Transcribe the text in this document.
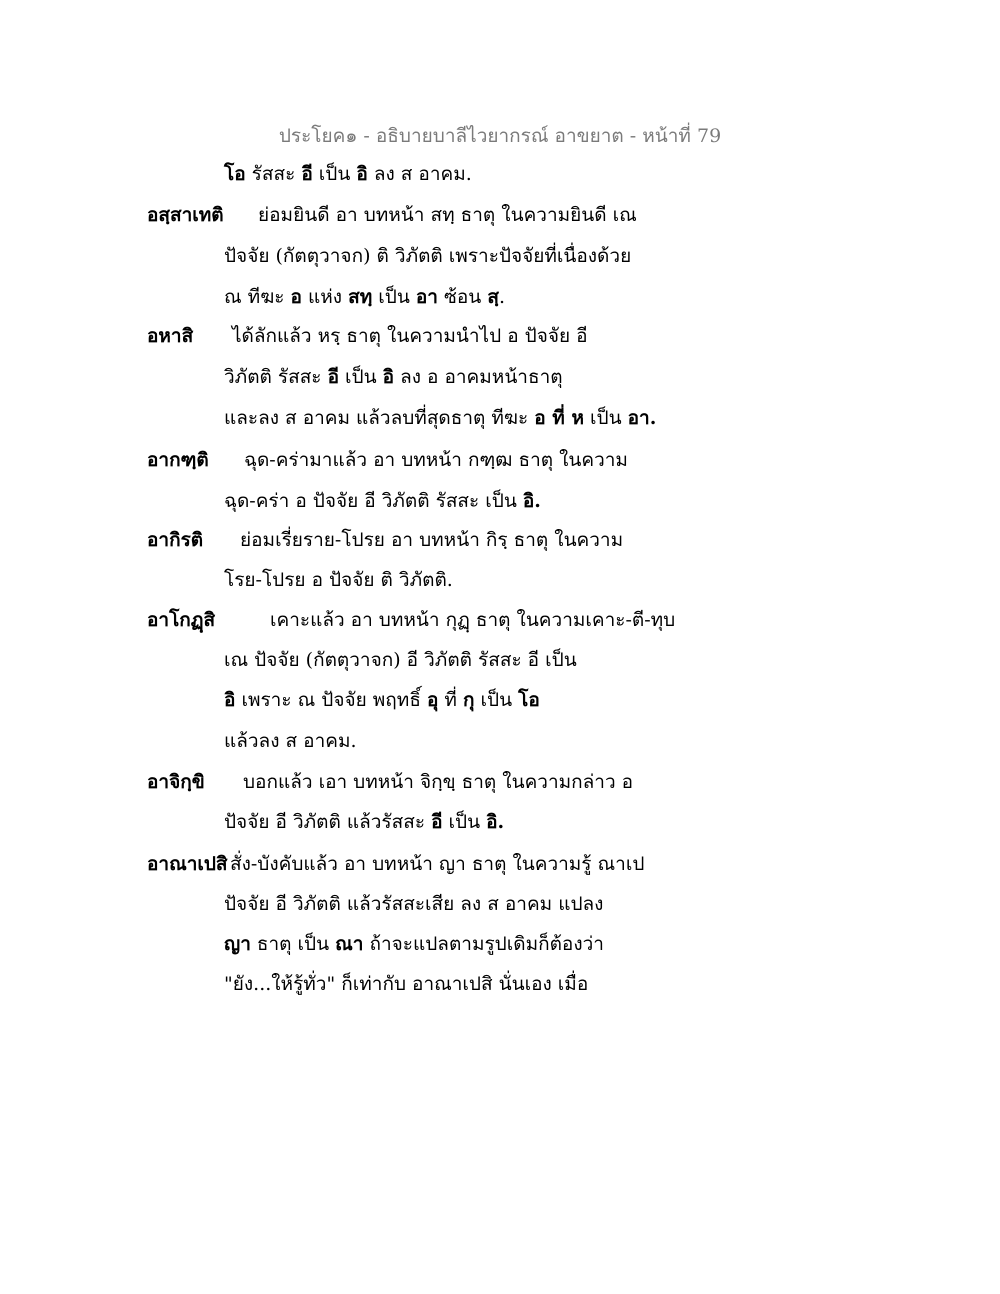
ประโยค๑ - อธิบายบาลีไวยากรณ์ อาขยาต - หน้าที่ 79
โอ รัสสะ อี เป็น อิ ลง ส อาคม.
อสฺสาเทติ ย่อมยินดี อา บทหน้า สทฺ ธาตุ ในความยินดี เณ
ปัจจัย (กัตตุวาจก) ติ วิภัตติ เพราะปัจจัยที่เนื่องด้วย
ณ ทีฆะ อ แห่ง สทฺ เป็น อา ซ้อน สฺ.
อหาสิ ได้ลักแล้ว หรฺ ธาตุ ในความนำไป อ ปัจจัย อี
วิภัตติ รัสสะ อี เป็น อิ ลง อ อาคมหน้าธาตุ
และลง ส อาคม แล้วลบที่สุดธาตุ ทีฆะ อ ที่ ห เป็น อา.
อากฑฺติ ฉุด-คร่ามาแล้ว อา บทหน้า กฑฺฒ ธาตุ ในความ
ฉุด-คร่า อ ปัจจัย อี วิภัตติ รัสสะ เป็น อิ.
อากิรติ ย่อมเรี่ยราย-โปรย อา บทหน้า กิรฺ ธาตุ ในความ
โรย-โปรย อ ปัจจัย ติ วิภัตติ.
อาโกฏฺสิ	เคาะแล้ว อา บทหน้า กุฏฺ ธาตุ ในความเคาะ-ตี-ทุบ
เณ ปัจจัย (กัตตุวาจก) อี วิภัตติ รัสสะ อี เป็น
อิ เพราะ ณ ปัจจัย พฤทธิ์ อุ ที่ กุ เป็น โอ
แล้วลง ส อาคม.
อาจิกฺขิ บอกแล้ว เอา บทหน้า จิกฺขฺ ธาตุ ในความกล่าว อ
ปัจจัย อี วิภัตติ แล้วรัสสะ อี เป็น อิ.
อาณาเปสิ สั่ง-บังคับแล้ว อา บทหน้า ญา ธาตุ ในความรู้ ณาเป
ปัจจัย อี วิภัตติ แล้วรัสสะเสีย ลง ส อาคม แปลง
ญา ธาตุ เป็น ณา ถ้าจะแปลตามรูปเดิมก็ต้องว่า
"ยัง...ให้รู้ทั่ว" ก็เท่ากับ อาณาเปสิ นั่นเอง เมื่อ
